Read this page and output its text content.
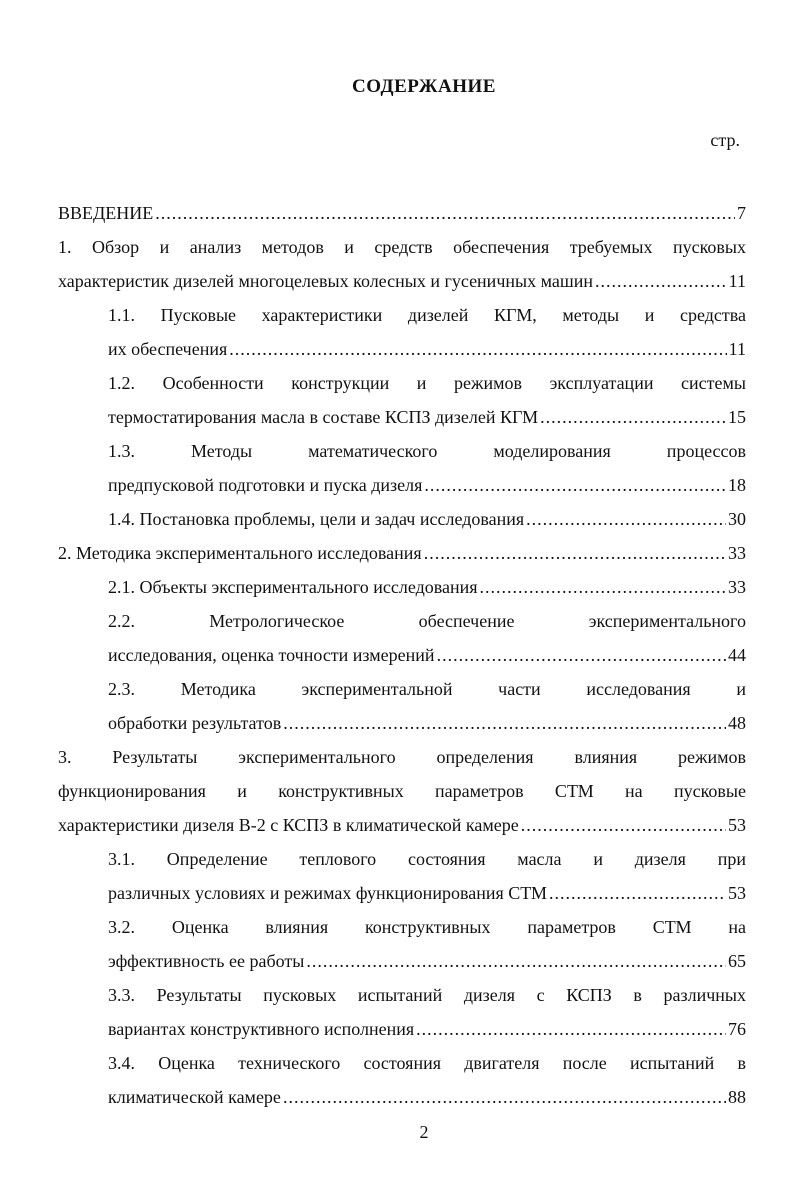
СОДЕРЖАНИЕ
стр.
ВВЕДЕНИЕ .....	7
1. Обзор и анализ методов и средств обеспечения требуемых пусковых
характеристик дизелей многоцелевых колесных и гусеничных машин .....	11
1.1. Пусковые характеристики дизелей КГМ, методы и средства
их обеспечения .....	11
1.2. Особенности конструкции и режимов эксплуатации системы
термостатирования масла в составе КСПЗ дизелей КГМ .....	15
1.3. Методы математического моделирования процессов
предпусковой подготовки и пуска дизеля .....	18
1.4. Постановка проблемы, цели и задач исследования .....	30
2. Методика экспериментального исследования .....	33
2.1. Объекты экспериментального исследования .....	33
2.2. Метрологическое обеспечение экспериментального
исследования, оценка точности измерений .....	44
2.3. Методика экспериментальной части исследования и
обработки результатов .....	48
3. Результаты экспериментального определения влияния режимов
функционирования и конструктивных параметров СТМ на пусковые
характеристики дизеля В-2 с КСПЗ в климатической камере .....	53
3.1. Определение теплового состояния масла и дизеля при
различных условиях и режимах функционирования СТМ .....	53
3.2. Оценка влияния конструктивных параметров СТМ на
эффективность ее работы .....	65
3.3. Результаты пусковых испытаний дизеля с КСПЗ в различных
вариантах конструктивного исполнения .....	76
3.4. Оценка технического состояния двигателя после испытаний в
климатической камере .....	88
2
